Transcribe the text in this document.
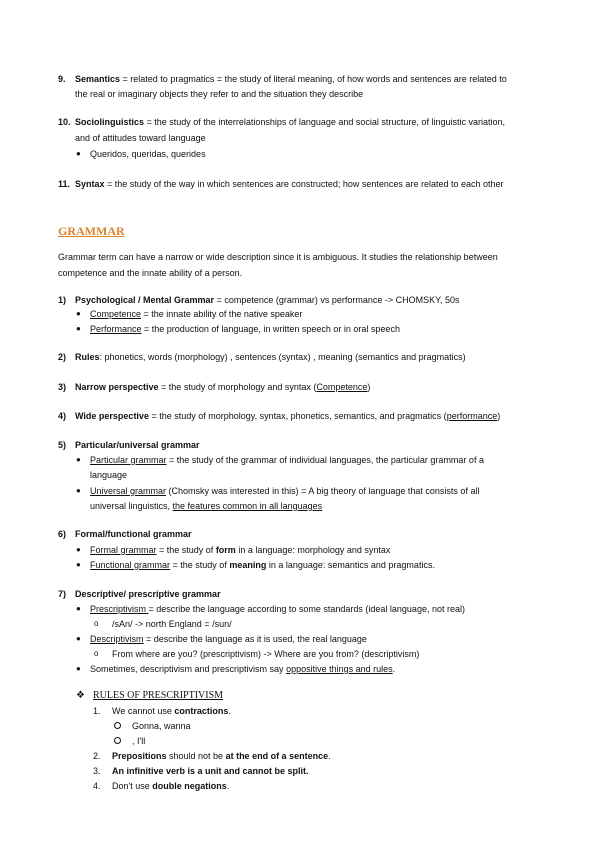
9. Semantics = related to pragmatics = the study of literal meaning, of how words and sentences are related to
the real or imaginary objects they refer to and the situation they describe
10. Sociolinguistics = the study of the interrelationships of language and social structure, of linguistic variation,
and of attitudes toward language
● Queridos, queridas, querides
11. Syntax = the study of the way in which sentences are constructed; how sentences are related to each other
GRAMMAR
Grammar term can have a narrow or wide description since it is ambiguous. It studies the relationship between
competence and the innate ability of a person.
1) Psychological / Mental Grammar = competence (grammar) vs performance -> CHOMSKY, 50s
● Competence = the innate ability of the native speaker
● Performance = the production of language, in written speech or in oral speech
2) Rules: phonetics, words (morphology) , sentences (syntax) , meaning (semantics and pragmatics)
3) Narrow perspective = the study of morphology and syntax (Competence)
4) Wide perspective = the study of morphology, syntax, phonetics, semantics, and pragmatics (performance)
5) Particular/universal grammar
● Particular grammar = the study of the grammar of individual languages, the particular grammar of a
language
● Universal grammar (Chomsky was interested in this) = A big theory of language that consists of all
universal linguistics, the features common in all languages
6) Formal/functional grammar
● Formal grammar = the study of form in a language: morphology and syntax
● Functional grammar = the study of meaning in a language: semantics and pragmatics.
7) Descriptive/ prescriptive grammar
● Prescriptivism = describe the language according to some standards (ideal language, not real)
o /sAn/ -> north England = /sun/
● Descriptivism = describe the language as it is used, the real language
o From where are you? (prescriptivism) -> Where are you from? (descriptivism)
● Sometimes, descriptivism and prescriptivism say oppositive things and rules.
❖ RULES OF PRESCRIPTIVISM
1. We cannot use contractions.
Gonna, wanna
, I'll
2. Prepositions should not be at the end of a sentence.
3. An infinitive verb is a unit and cannot be split.
4. Don't use double negations.
